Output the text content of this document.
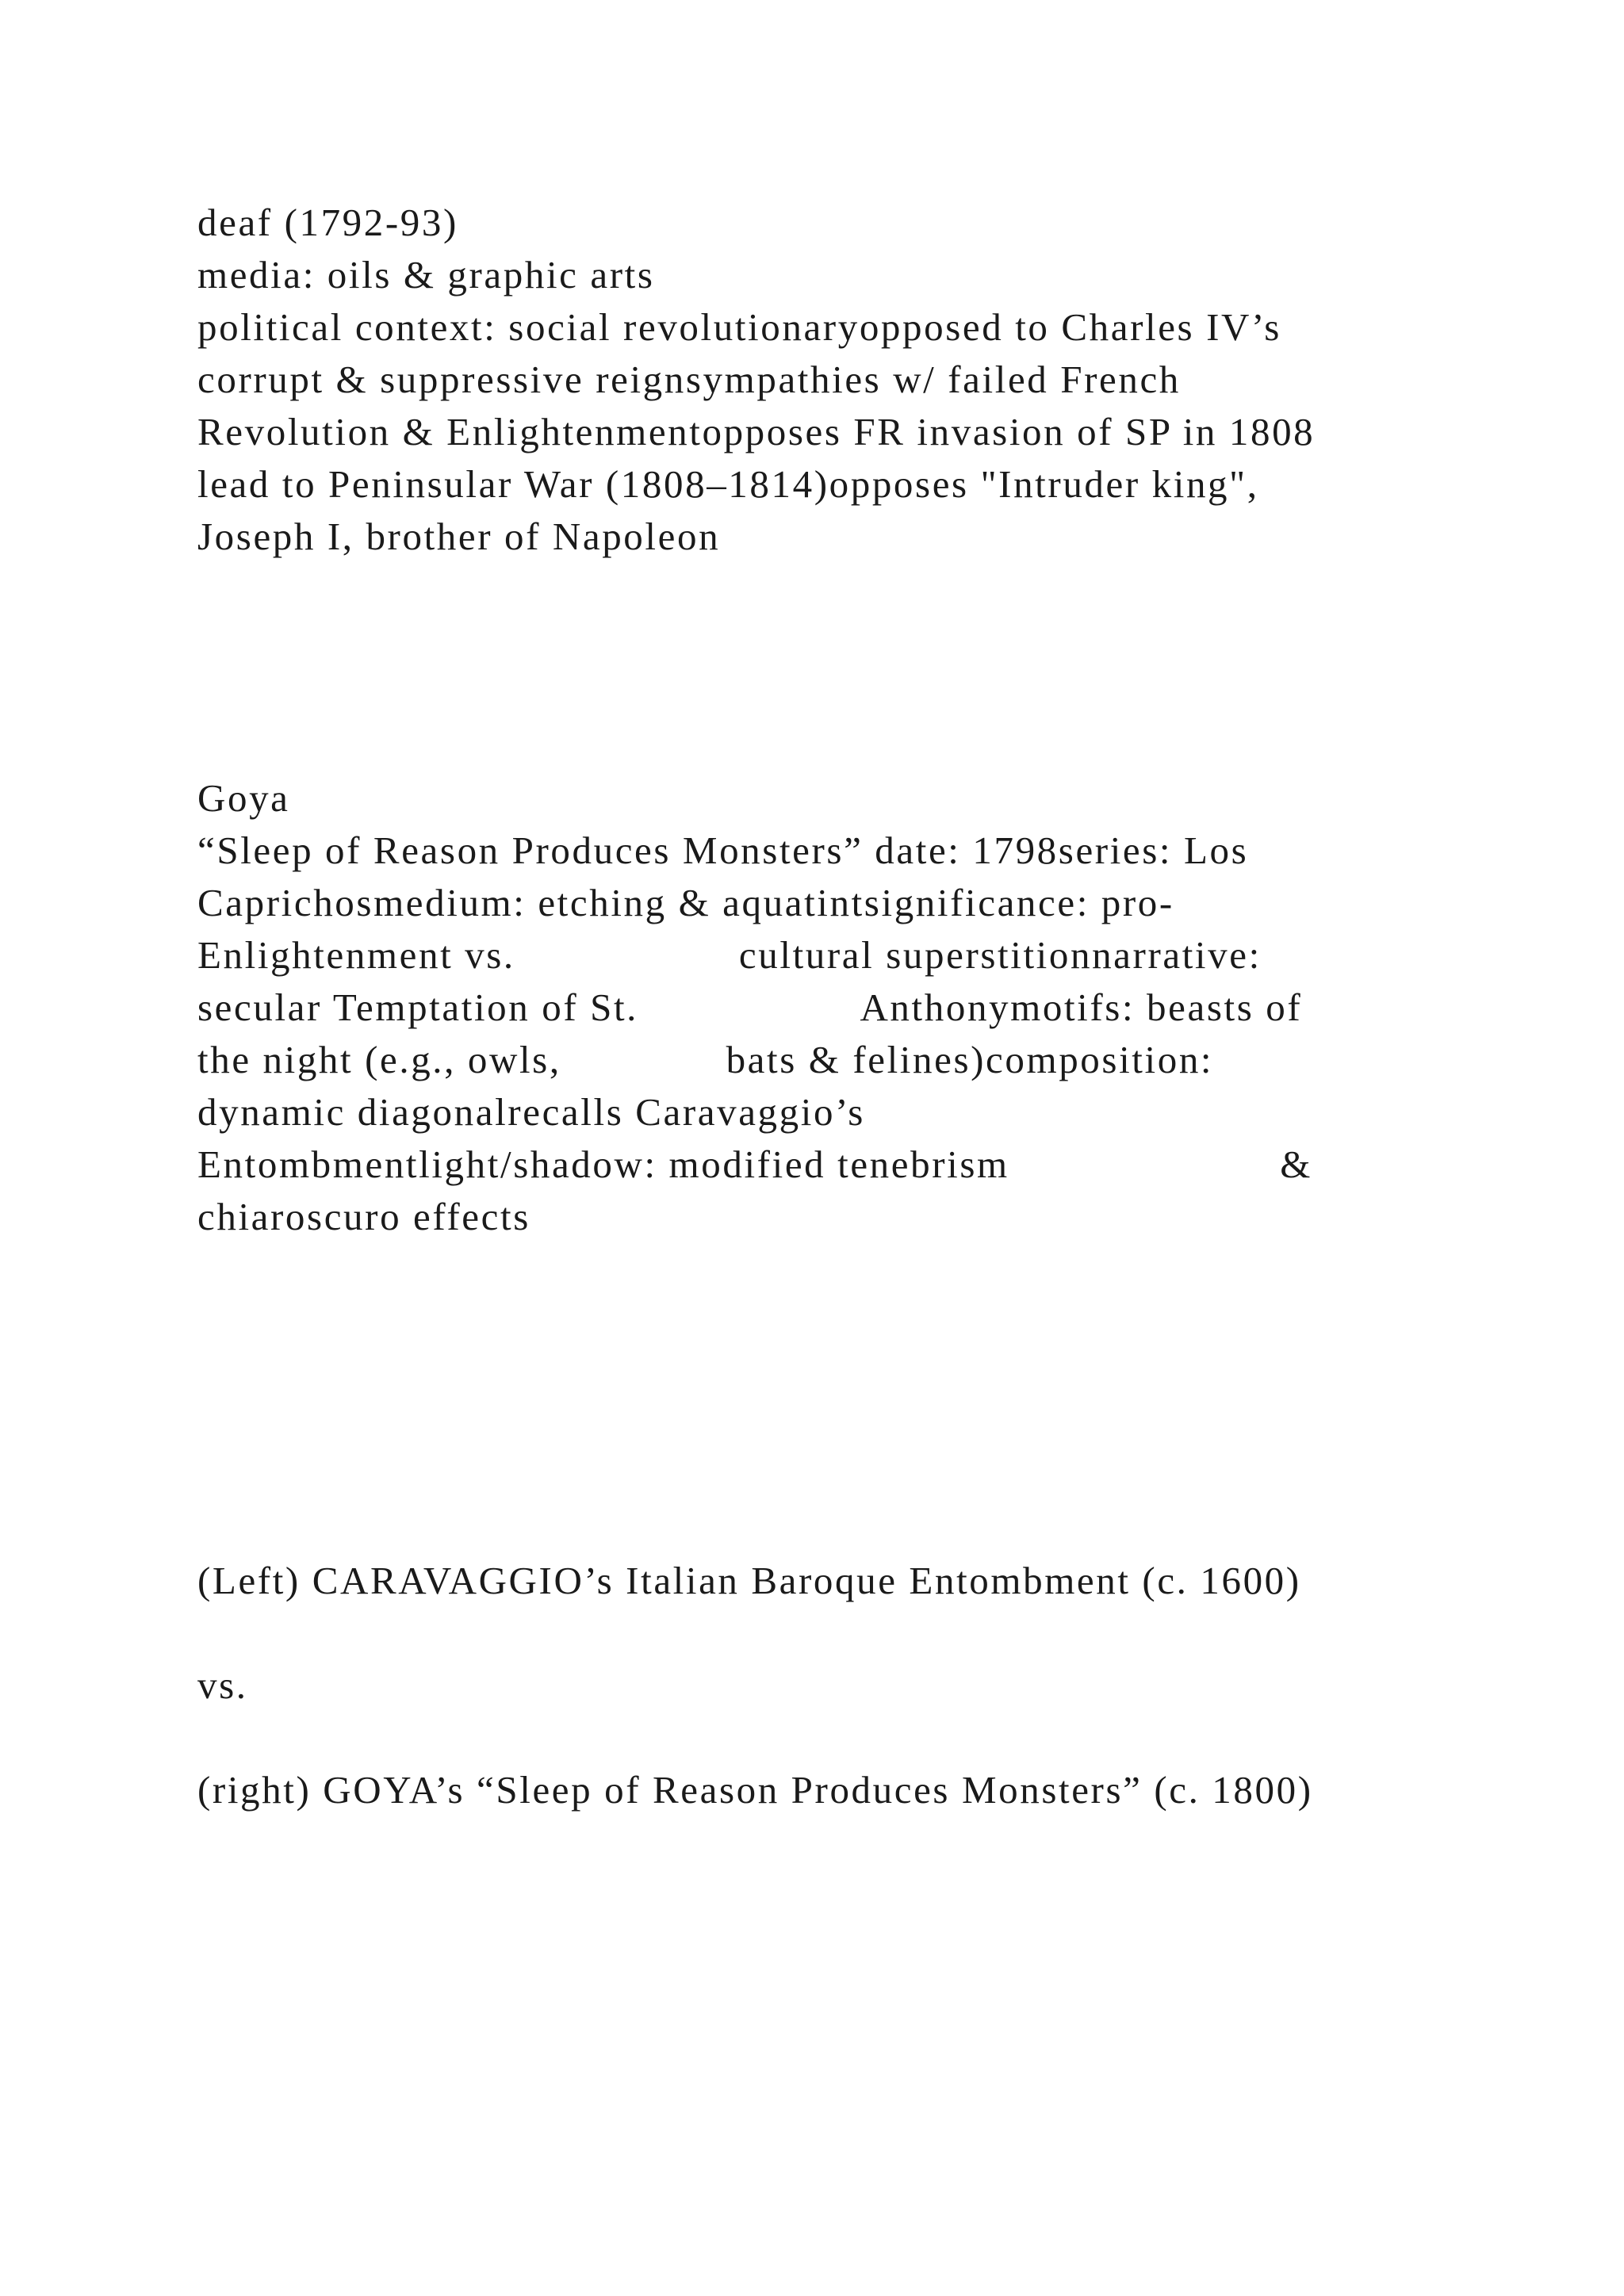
deaf (1792-93)

media: oils & graphic arts

political context: social revolutionaryopposed to Charles IV’s

corrupt & suppressive reignsympathies w/ failed French

Revolution & Enlightenmentopposes FR invasion of SP in 1808

lead to Peninsular War (1808–1814)opposes "Intruder king",

Joseph I, brother of Napoleon

Goya

“Sleep of Reason Produces Monsters” date: 1798series: Los

Caprichosmedium: etching & aquatintsignificance: pro-

Enlightenment vs.                   cultural superstitionnarrative:

secular Temptation of St.                   Anthonymotifs: beasts of

the night (e.g., owls,              bats & felines)composition:

dynamic diagonalrecalls Caravaggio’s

Entombmentlight/shadow: modified tenebrism                       &

chiaroscuro effects

(Left) CARAVAGGIO’s Italian Baroque Entombment (c. 1600)

vs.

(right) GOYA’s “Sleep of Reason Produces Monsters” (c. 1800)
